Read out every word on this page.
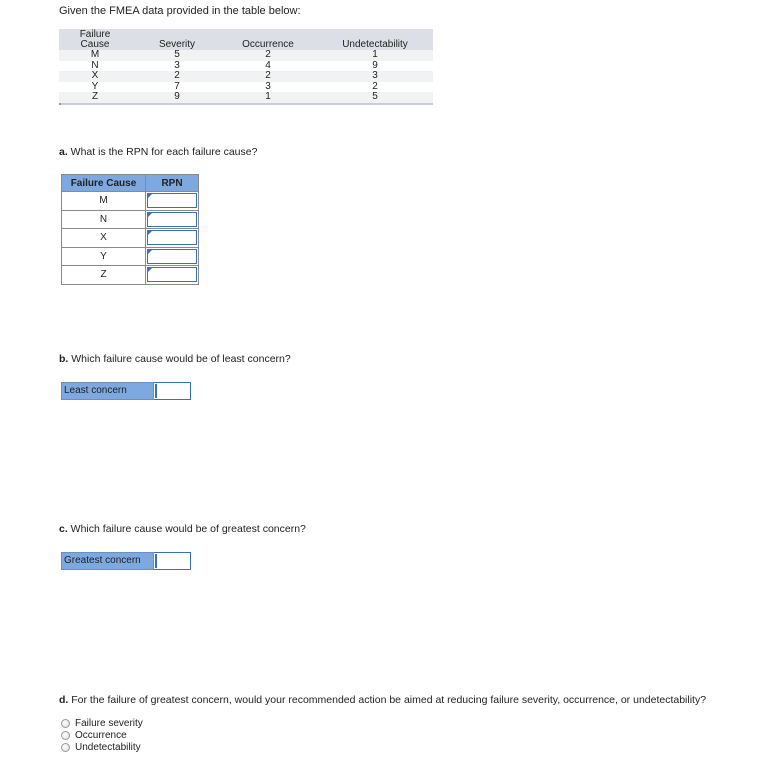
Given the FMEA data provided in the table below:
Failure
Cause	Severity	Occurrence	Undetectability
M	5	2	1
N	3	4	9
X	2	2	3
Y	7	3	2
Z	9	1	5
a. What is the RPN for each failure cause?
Failure Cause	RPN
M	

N	

X	

Y	

Z	
b. Which failure cause would be of least concern?
Least concern
c. Which failure cause would be of greatest concern?
Greatest concern
d. For the failure of greatest concern, would your recommended action be aimed at reducing failure severity, occurrence, or undetectability?
Failure severity
Occurrence
Undetectability
